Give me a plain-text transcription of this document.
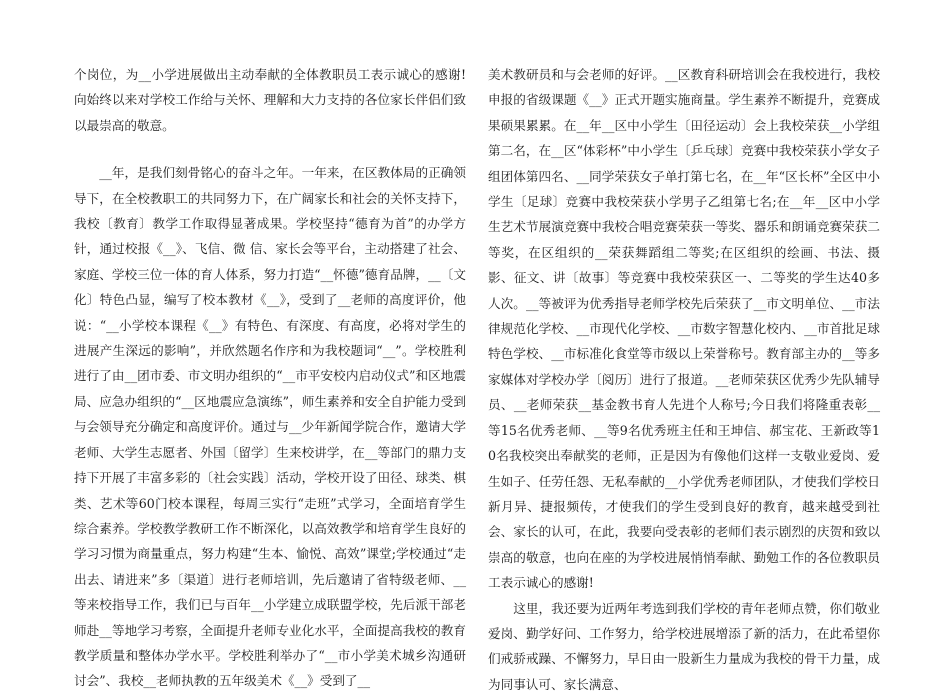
个岗位，为__小学进展做出主动奉献的全体教职员工表示诚心的感谢!向始终以来对学校工作给与关怀、理解和大力支持的各位家长伴侣们致以最崇高的敬意。

__年，是我们刻骨铭心的奋斗之年。一年来，在区教体局的正确领导下，在全校教职工的共同努力下，在广阔家长和社会的关怀支持下，我校〔教育〕教学工作取得显著成果。学校坚持“德育为首”的办学方针，通过校报《__》、飞信、微 信、家长会等平台，主动搭建了社会、家庭、学校三位一体的育人体系，努力打造“__怀德”德育品牌，__〔文化〕特色凸显，编写了校本教材《__》，受到了__老师的高度评价，他说：“__小学校本课程《__》有特色、有深度、有高度，必将对学生的进展产生深远的影响”，并欣然题名作序和为我校题词“__”。学校胜利进行了由__团市委、市文明办组织的“__市平安校内启动仪式”和区地震局、应急办组织的“__区地震应急演练”，师生素养和安全自护能力受到与会领导充分确定和高度评价。通过与__少年新闻学院合作，邀请大学老师、大学生志愿者、外国〔留学〕生来校讲学，在__等部门的鼎力支持下开展了丰富多彩的〔社会实践〕活动，学校开设了田径、球类、棋类、艺术等60门校本课程，每周三实行“走班”式学习，全面培育学生综合素养。学校教学教研工作不断深化，以高效教学和培育学生良好的学习习惯为商量重点，努力构建“生本、愉悦、高效”课堂;学校通过“走出去、请进来”多〔渠道〕进行老师培训，先后邀请了省特级老师、__等来校指导工作，我们已与百年__小学建立成联盟学校，先后派干部老师赴__等地学习考察，全面提升老师专业化水平，全面提高我校的教育教学质量和整体办学水平。学校胜利举办了“__市小学美术城乡沟通研讨会”、我校__老师执教的五年级美术《__》受到了__

美术教研员和与会老师的好评。__区教育科研培训会在我校进行，我校申报的省级课题《__》正式开题实施商量。学生素养不断提升，竞赛成果硕果累累。在__年__区中小学生〔田径运动〕会上我校荣获__小学组第二名，在__区“体彩杯”中小学生〔乒乓球〕竞赛中我校荣获小学女子组团体第四名、__同学荣获女子单打第七名，在__年“区长杯”全区中小学生〔足球〕竞赛中我校荣获小学男子乙组第七名;在__年__区中小学生艺术节展演竞赛中我校合唱竞赛荣获一等奖、器乐和朗诵竞赛荣获二等奖，在区组织的__荣获舞蹈组二等奖;在区组织的绘画、书法、摄影、征文、讲〔故事〕等竞赛中我校荣获区一、二等奖的学生达40多人次。__等被评为优秀指导老师学校先后荣获了__市文明单位、__市法律规范化学校、__市现代化学校、__市数字智慧化校内、__市首批足球特色学校、__市标准化食堂等市级以上荣誉称号。教育部主办的__等多家媒体对学校办学〔阅历〕进行了报道。__老师荣获区优秀少先队辅导员、__老师荣获__基金教书育人先进个人称号;今日我们将隆重表彰__等15名优秀老师、__等9名优秀班主任和王坤信、郝宝花、王新政等10名我校突出奉献奖的老师，正是因为有像他们这样一支敬业爱岗、爱生如子、任劳任怨、无私奉献的__小学优秀老师团队，才使我们学校日新月异、捷报频传，才使我们的学生受到良好的教育，越来越受到社会、家长的认可，在此，我要向受表彰的老师们表示剧烈的庆贺和致以崇高的敬意，也向在座的为学校进展悄悄奉献、勤勉工作的各位教职员工表示诚心的感谢!

这里，我还要为近两年考选到我们学校的青年老师点赞，你们敬业爱岗、勤学好问、工作努力，给学校进展增添了新的活力，在此希望你们戒骄戒躁、不懈努力，早日由一股新生力量成为我校的骨干力量，成为同事认可、家长满意、
